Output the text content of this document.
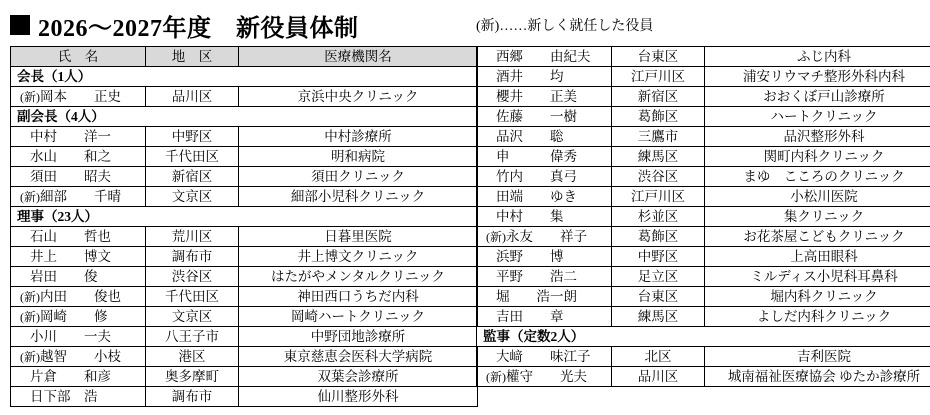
2026〜2027年度　新役員体制	(新)……新しく就任した役員
氏　名	地　区	医療機関名
会長（1人）		
(新)岡本　　正史	品川区	京浜中央クリニック
副会長（4人）		
中村　　洋一	中野区	中村診療所
水山　　和之	千代田区	明和病院
須田　　昭夫	新宿区	須田クリニック
(新)細部　　千晴	文京区	細部小児科クリニック
理事（23人）		
石山　　哲也	荒川区	日暮里医院
井上　　博文	調布市	井上博文クリニック
岩田　　俊	渋谷区	はたがやメンタルクリニック
(新)内田　　俊也	千代田区	神田西口うちだ内科
(新)岡崎　　修	文京区	岡崎ハートクリニック
小川　　一夫	八王子市	中野団地診療所
(新)越智　　小枝	港区	東京慈恵会医科大学病院
片倉　　和彦	奥多摩町	双葉会診療所
日下部　浩	調布市	仙川整形外科
西郷　　由紀夫	台東区	ふじ内科
酒井　　均	江戸川区	浦安リウマチ整形外科内科
櫻井　　正美	新宿区	おおくぼ戸山診療所
佐藤　　一樹	葛飾区	ハートクリニック
品沢　　聡	三鷹市	品沢整形外科
申　　　偉秀	練馬区	関町内科クリニック
竹内　　真弓	渋谷区	まゆ　こころのクリニック
田端　　ゆき	江戸川区	小松川医院
中村　　集	杉並区	集クリニック
(新)永友　　祥子	葛飾区	お花茶屋こどもクリニック
浜野　　博	中野区	上高田眼科
平野　　浩二	足立区	ミルディス小児科耳鼻科
堀　　浩一朗	台東区	堀内科クリニック
吉田　　章	練馬区	よしだ内科クリニック
監事（定数2人）		
大﨑　　味江子	北区	吉利医院
(新)權守　　光夫	品川区	城南福祉医療協会 ゆたか診療所
